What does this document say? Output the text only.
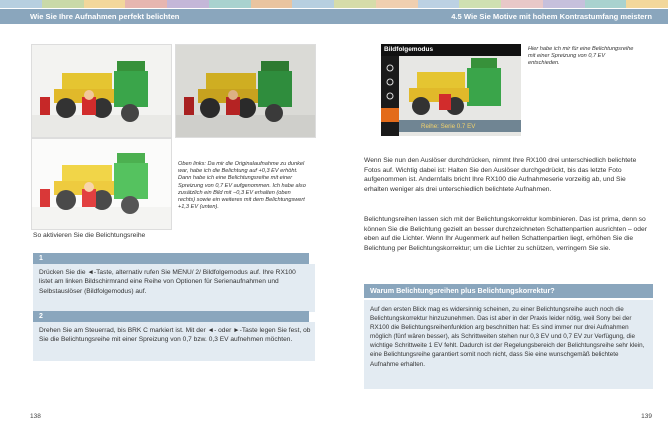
Wie Sie Ihre Aufnahmen perfekt belichten
Oben links: Da mir die Originalaufnahme zu dunkel war, habe ich die Belichtung auf +0,3 EV erhöht. Dann habe ich eine Belichtungsreihe mit einer Spreizung von 0,7 EV aufgenommen. Ich habe also zusätzlich ein Bild mit −0,3 EV erhalten (oben rechts) sowie ein weiteres mit dem Belichtungswert +1,3 EV (unten).
So aktivieren Sie die Belichtungsreihe
1
Drücken Sie die ◄-Taste, alternativ rufen Sie MENU/ 2/ Bildfolgemodus auf. Ihre RX100 listet am linken Bildschirmrand eine Reihe von Optionen für Serienaufnahmen und Selbstauslöser (Bildfolgemodus) auf.
2
Drehen Sie am Steuerrad, bis BRK C markiert ist. Mit der ◄- oder ►-Taste legen Sie fest, ob Sie die Belichtungsreihe mit einer Spreizung von 0,7 bzw. 0,3 EV aufnehmen möchten.
138
4.5 Wie Sie Motive mit hohem Kontrastumfang meistern
Bildfolgemodus
Reihe: Serie 0.7 EV
Hier habe ich mir für eine Belichtungsreihe mit einer Spreizung von 0,7 EV entschieden.
Wenn Sie nun den Auslöser durchdrücken, nimmt Ihre RX100 drei unterschiedlich belichtete Fotos auf. Wichtig dabei ist: Halten Sie den Auslöser durchgedrückt, bis das letzte Foto aufgenommen ist. Andernfalls bricht Ihre RX100 die Aufnahmeserie vorzeitig ab, und Sie erhalten weniger als drei unterschiedlich belichtete Aufnahmen.
Belichtungsreihen lassen sich mit der Belichtungskorrektur kombinieren. Das ist prima, denn so können Sie die Belichtung gezielt an besser durchzeichneten Schattenpartien ausrichten – oder eben auf die Lichter. Wenn Ihr Augenmerk auf hellen Schattenpartien liegt, erhöhen Sie die Belichtung per Belichtungskorrektur; um die Lichter zu schützen, verringern Sie sie.
Warum Belichtungsreihen plus Belichtungskorrektur?
Auf den ersten Blick mag es widersinnig scheinen, zu einer Belichtungsreihe auch noch die Belichtungskorrektur hinzuzunehmen. Das ist aber in der Praxis leider nötig, weil Sony bei der RX100 die Belichtungsreihenfunktion arg beschnitten hat: Es sind immer nur drei Aufnahmen möglich (fünf wären besser), als Schrittweiten stehen nur 0,3 EV und 0,7 EV zur Verfügung, die wichtige Schrittweite 1 EV fehlt. Dadurch ist der Regelungsbereich der Belichtungsreihe sehr klein, eine Belichtungsreihe garantiert somit noch nicht, dass Sie eine wunschgemäß belichtete Aufnahme erhalten.
139
